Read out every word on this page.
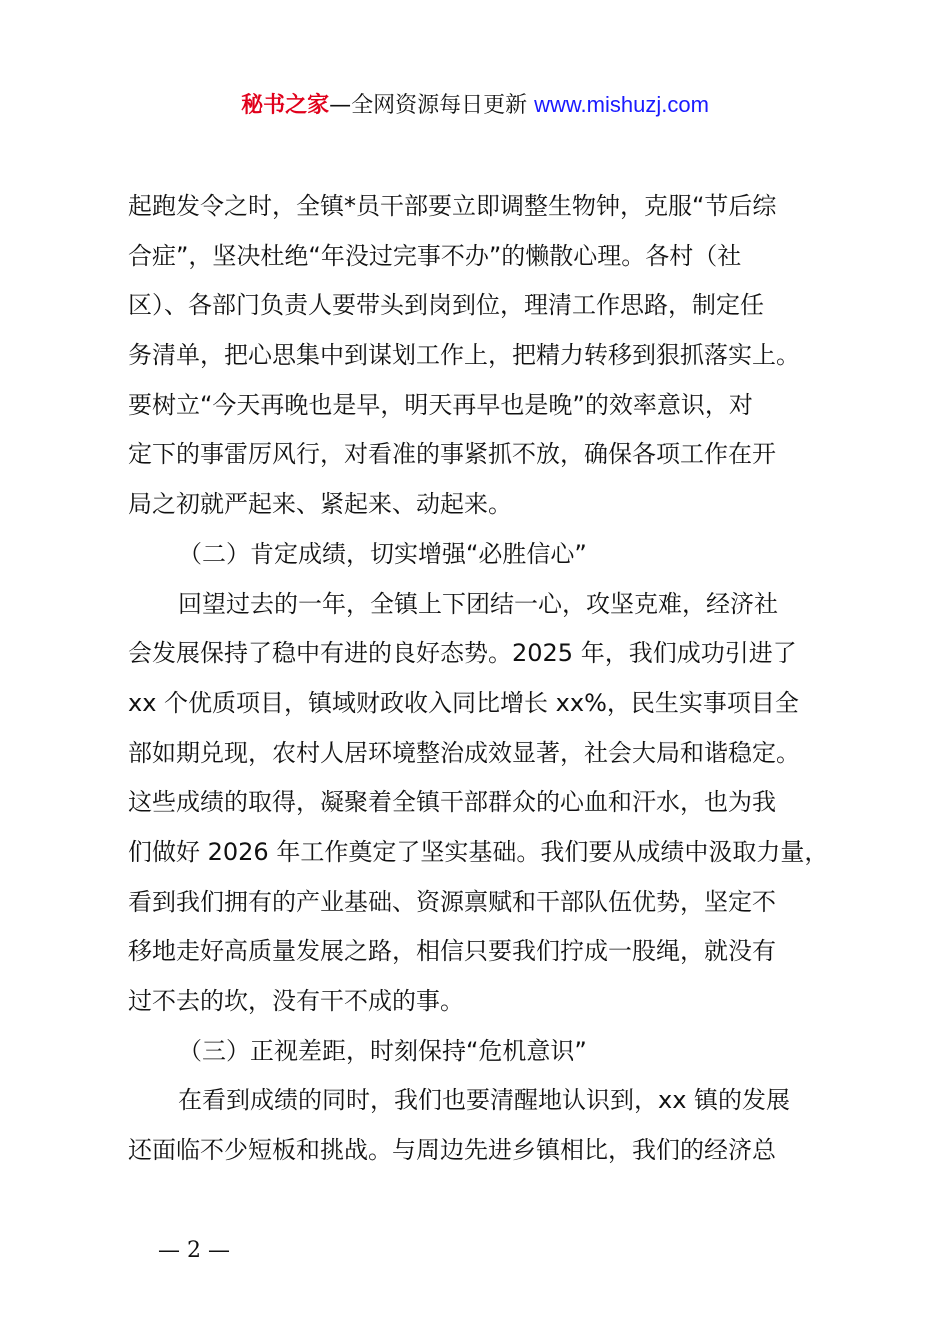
秘书之家—全网资源每日更新 www.mishuzj.com
起跑发令之时，全镇*员干部要立即调整生物钟，克服“节后综
合症”，坚决杜绝“年没过完事不办”的懒散心理。各村（社
区）、各部门负责人要带头到岗到位，理清工作思路，制定任
务清单，把心思集中到谋划工作上，把精力转移到狠抓落实上。
要树立“今天再晚也是早，明天再早也是晚”的效率意识，对
定下的事雷厉风行，对看准的事紧抓不放，确保各项工作在开
局之初就严起来、紧起来、动起来。
（二）肯定成绩，切实增强“必胜信心”
回望过去的一年，全镇上下团结一心，攻坚克难，经济社
会发展保持了稳中有进的良好态势。2025 年，我们成功引进了
xx 个优质项目，镇域财政收入同比增长 xx%，民生实事项目全
部如期兑现，农村人居环境整治成效显著，社会大局和谐稳定。
这些成绩的取得，凝聚着全镇干部群众的心血和汗水，也为我
们做好 2026 年工作奠定了坚实基础。我们要从成绩中汲取力量，
看到我们拥有的产业基础、资源禀赋和干部队伍优势，坚定不
移地走好高质量发展之路，相信只要我们拧成一股绳，就没有
过不去的坎，没有干不成的事。
（三）正视差距，时刻保持“危机意识”
在看到成绩的同时，我们也要清醒地认识到，xx 镇的发展
还面临不少短板和挑战。与周边先进乡镇相比，我们的经济总
— 2 —
